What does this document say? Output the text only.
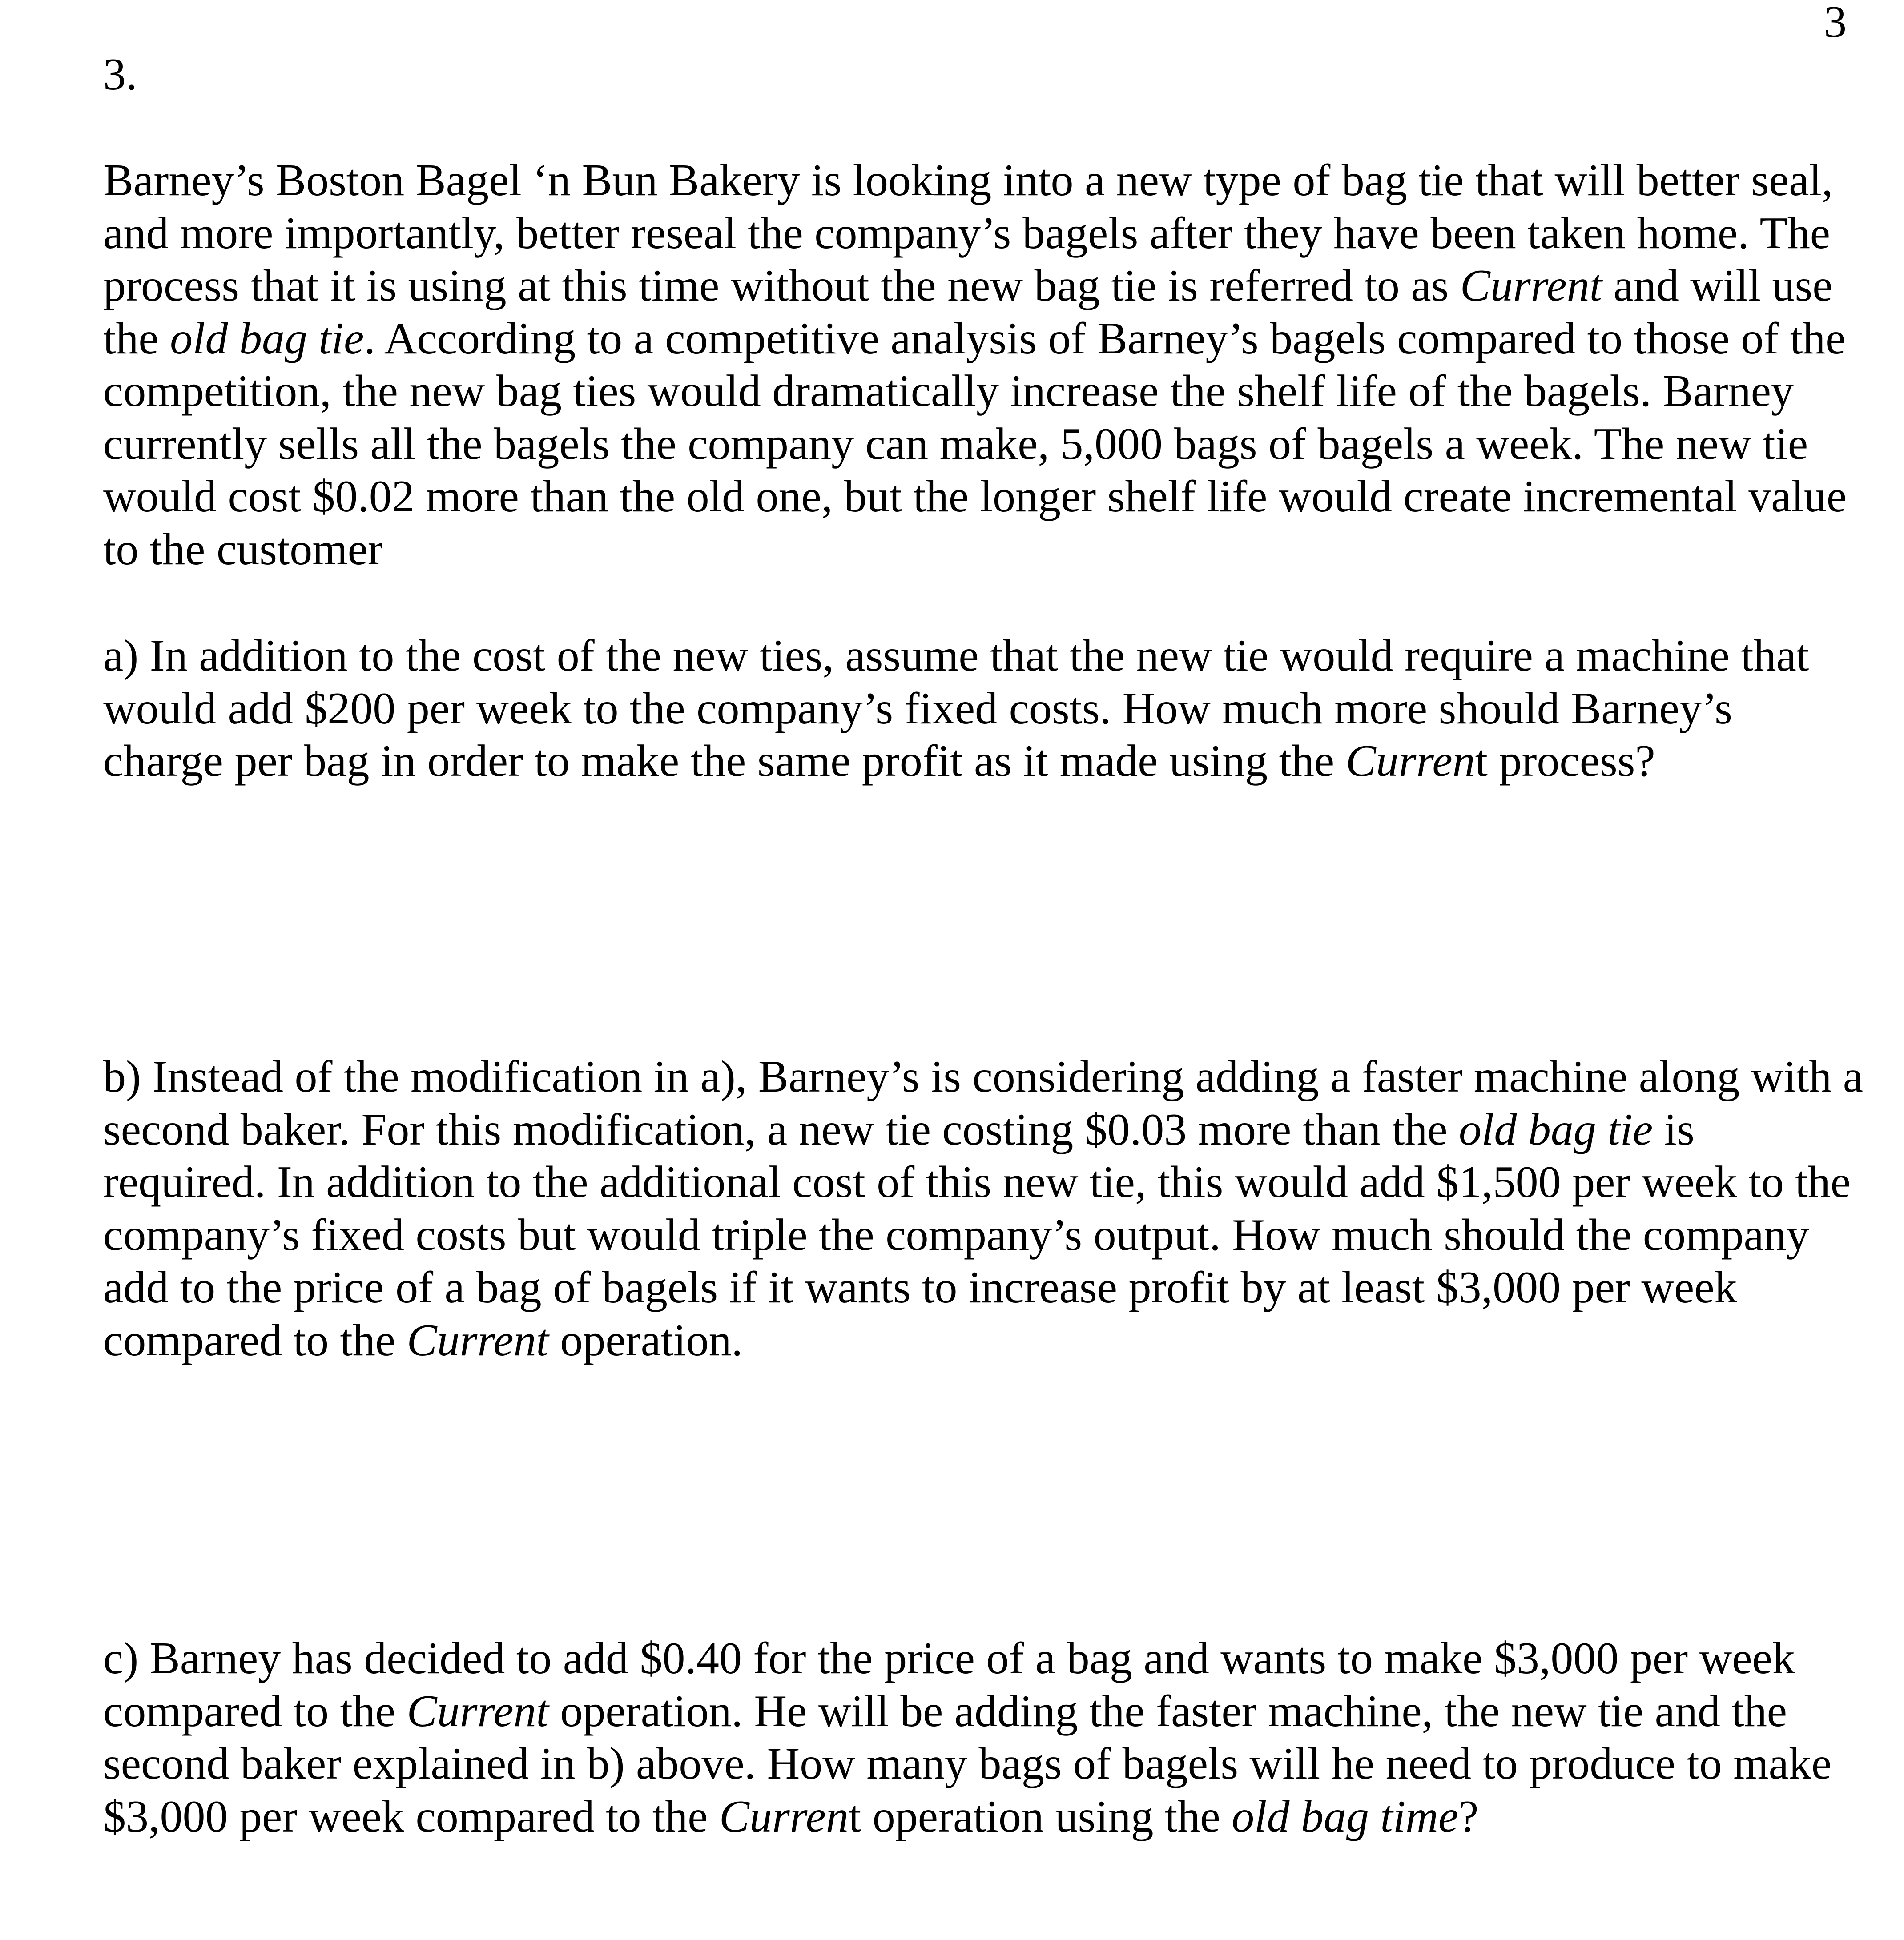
3
3.
Barney’s Boston Bagel ‘n Bun Bakery is looking into a new type of bag tie that will better seal,
and more importantly, better reseal the company’s bagels after they have been taken home. The
process that it is using at this time without the new bag tie is referred to as Current and will use
the old bag tie. According to a competitive analysis of Barney’s bagels compared to those of the
competition, the new bag ties would dramatically increase the shelf life of the bagels. Barney
currently sells all the bagels the company can make, 5,000 bags of bagels a week. The new tie
would cost $0.02 more than the old one, but the longer shelf life would create incremental value
to the customer
a) In addition to the cost of the new ties, assume that the new tie would require a machine that
would add $200 per week to the company’s fixed costs. How much more should Barney’s
charge per bag in order to make the same profit as it made using the Current process?
b) Instead of the modification in a), Barney’s is considering adding a faster machine along with a
second baker. For this modification, a new tie costing $0.03 more than the old bag tie is
required. In addition to the additional cost of this new tie, this would add $1,500 per week to the
company’s fixed costs but would triple the company’s output. How much should the company
add to the price of a bag of bagels if it wants to increase profit by at least $3,000 per week
compared to the Current operation.
c) Barney has decided to add $0.40 for the price of a bag and wants to make $3,000 per week
compared to the Current operation. He will be adding the faster machine, the new tie and the
second baker explained in b) above. How many bags of bagels will he need to produce to make
$3,000 per week compared to the Current operation using the old bag time?
